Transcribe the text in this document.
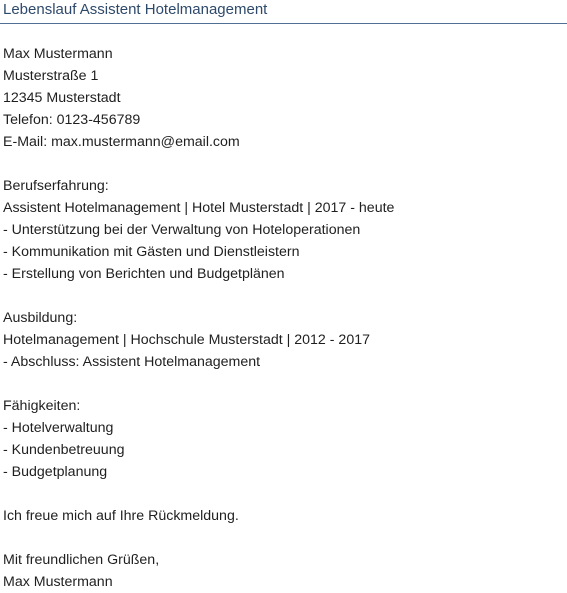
Lebenslauf Assistent Hotelmanagement
Max Mustermann
Musterstraße 1
12345 Musterstadt
Telefon: 0123-456789
E-Mail: max.mustermann@email.com
Berufserfahrung:
Assistent Hotelmanagement | Hotel Musterstadt | 2017 - heute
- Unterstützung bei der Verwaltung von Hoteloperationen
- Kommunikation mit Gästen und Dienstleistern
- Erstellung von Berichten und Budgetplänen
Ausbildung:
Hotelmanagement | Hochschule Musterstadt | 2012 - 2017
- Abschluss: Assistent Hotelmanagement
Fähigkeiten:
- Hotelverwaltung
- Kundenbetreuung
- Budgetplanung
Ich freue mich auf Ihre Rückmeldung.
Mit freundlichen Grüßen,
Max Mustermann
